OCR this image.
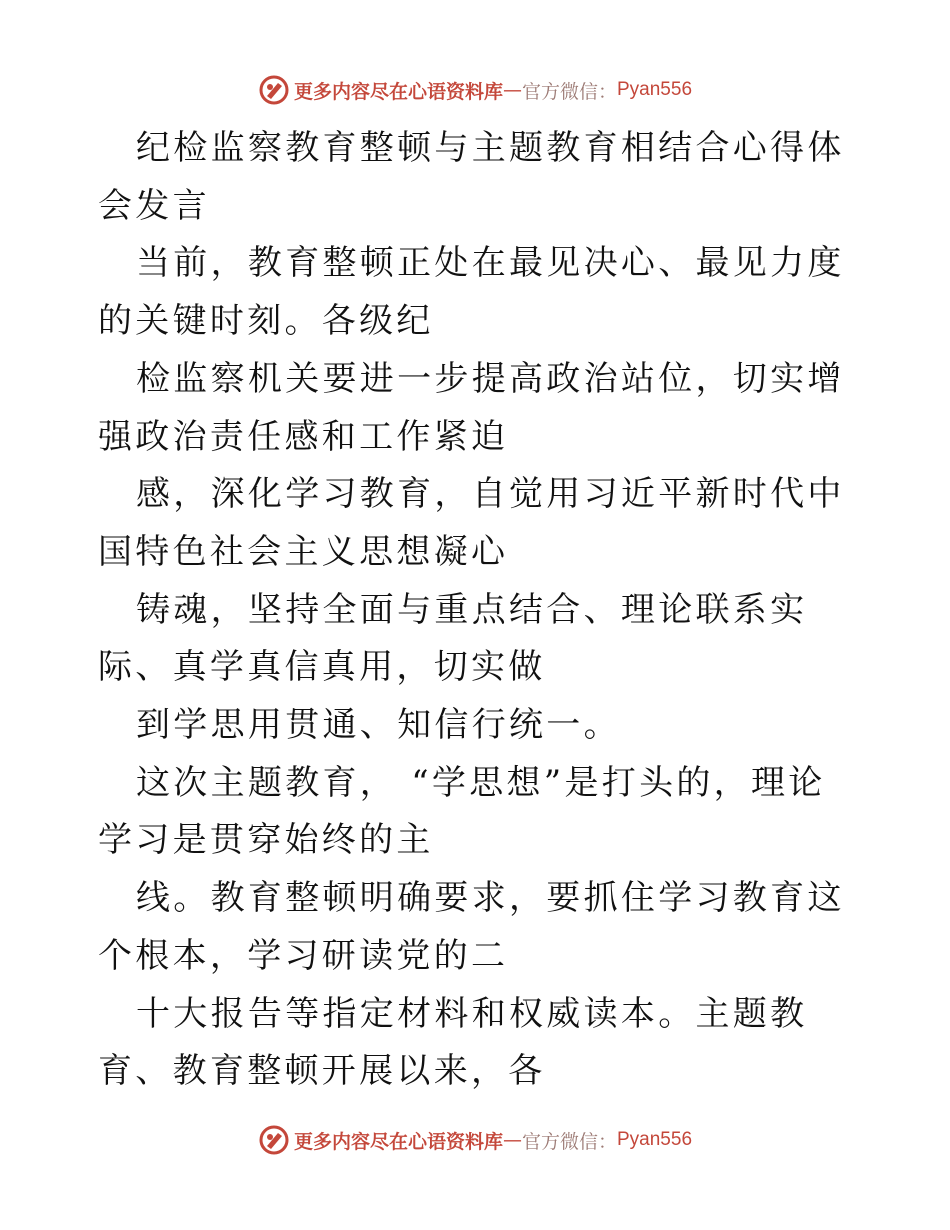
更多内容尽在心语资料库 — 官方微信： Pyan556

纪检监察教育整顿与主题教育相结合心得体会发言

当前，教育整顿正处在最见决心、最见力度的关键时刻。各级纪

检监察机关要进一步提高政治站位，切实增强政治责任感和工作紧迫

感，深化学习教育，自觉用习近平新时代中国特色社会主义思想凝心

铸魂，坚持全面与重点结合、理论联系实际、真学真信真用，切实做

到学思用贯通、知信行统一。

这次主题教育， “学思想”是打头的，理论学习是贯穿始终的主

线。教育整顿明确要求，要抓住学习教育这个根本，学习研读党的二

十大报告等指定材料和权威读本。主题教育、教育整顿开展以来，各

更多内容尽在心语资料库 — 官方微信： Pyan556
